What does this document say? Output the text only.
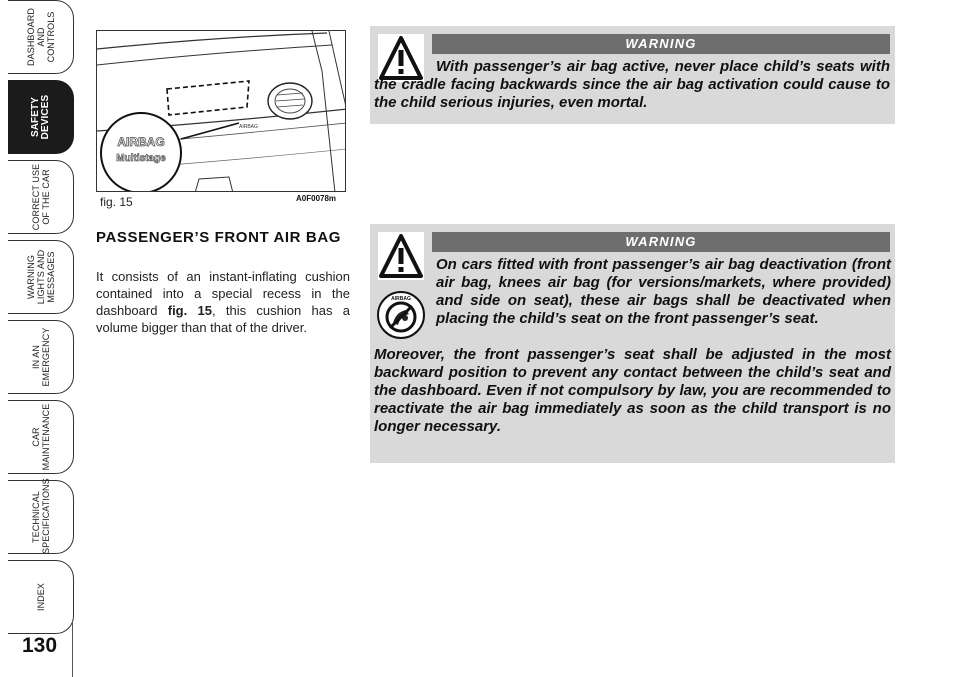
DASHBOARD
AND
CONTROLS
SAFETY
DEVICES
CORRECT USE
OF THE CAR
WARNING
LIGHTS AND
MESSAGES
IN AN
EMERGENCY
CAR
MAINTENANCE
TECHNICAL
SPECIFICATIONS
INDEX
130
AIRBAG
AIRBAG
Multistage
fig. 15	A0F0078m
PASSENGER’S FRONT AIR BAG
It consists of an instant-inflating cushion contained into a special recess in the dashboard fig. 15, this cushion has a volume bigger than that of the driver.
WARNING
With passenger’s air bag active, never place child’s seats with the cradle facing backwards since the air bag activation could cause to the child serious injuries, even mortal.
AIRBAG
WARNING
On cars fitted with front passenger’s air bag deactivation (front air bag, knees air bag (for versions/markets, where provided) and side on seat), these air bags shall be deactivated when placing the child’s seat on the front passenger’s seat.
Moreover, the front passenger’s seat shall be adjusted in the most backward position to prevent any contact between the child’s seat and the dashboard. Even if not compulsory by law, you are recommended to reactivate the air bag immediately as soon as the child transport is no longer necessary.
